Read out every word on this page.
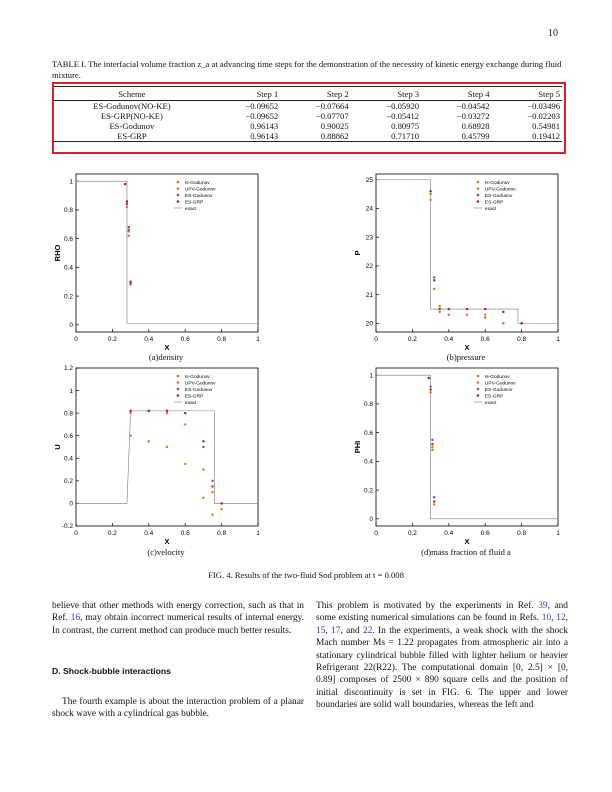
10
TABLE I. The interfacial volume fraction z_a at advancing time steps for the demonstration of the necessity of kinetic energy exchange during fluid mixture.
Scheme	Step 1	Step 2	Step 3	Step 4	Step 5
ES-Godunov(NO-KE)	−0.09652	−0.07664	−0.05920	−0.04542	−0.03496
ES-GRP(NO-KE)	−0.09652	−0.07707	−0.05412	−0.03272	−0.02203
ES-Godunov	0.96143	0.90025	0.80975	0.68928	0.54981
ES-GRP	0.96143	0.88862	0.71710	0.45799	0.19412
0	0.2	0.4	0.6	0.8	1
0
0.2
0.4
0.6
0.8
1
X
RHO
Is-Godunov
UPV-Godunov
ES-Godunov
ES-GRP
exact
(a)density
0	0.2	0.4	0.6	0.8	1
20
21
22
23
24
25
X
P
Is-Godunov
UPV-Godunov
ES-Godunov
ES-GRP
exact
(b)pressure
0	0.2	0.4	0.6	0.8	1
-0.2
0
0.2
0.4
0.6
0.8
1
1.2
X
U
Is-Godunov
UPV-Godunov
ES-Godunov
ES-GRP
exact
(c)velocity
0	0.2	0.4	0.6	0.8	1
0
0.2
0.4
0.6
0.8
1
X
PHI
Is-Godunov
UPV-Godunov
ES-Godunov
ES-GRP
exact
(d)mass fraction of fluid a
FIG. 4. Results of the two-fluid Sod problem at t = 0.008

believe that other methods with energy correction, such as that in Ref. 16, may obtain incorrect numerical results of internal energy. In contrast, the current method can produce much better results.

D. Shock-bubble interactions

The fourth example is about the interaction problem of a planar shock wave with a cylindrical gas bubble.

This problem is motivated by the experiments in Ref. 39, and some existing numerical simulations can be found in Refs. 10, 12, 15, 17, and 22. In the experiments, a weak shock with the shock Mach number Ms = 1.22 propagates from atmospheric air into a stationary cylindrical bubble filled with lighter helium or heavier Refrigerant 22(R22). The computational domain [0, 2.5] × [0, 0.89] composes of 2500 × 890 square cells and the position of initial discontinuity is set in FIG. 6. The upper and lower boundaries are solid wall boundaries, whereas the left and
